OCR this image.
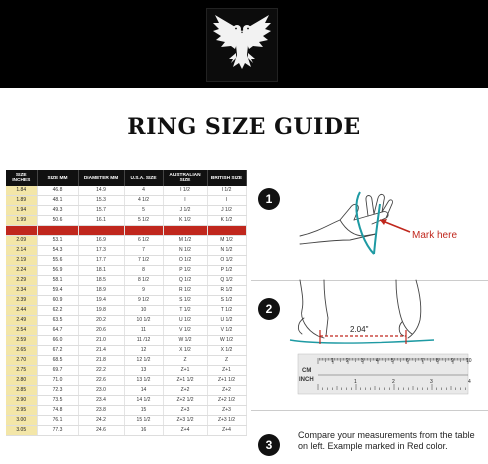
RING SIZE GUIDE
SIZE INCHES	SIZE MM	DIAMETER MM	U.S.A. SIZE	AUSTRALIAN SIZE	BRITISH SIZE
1.84	46.8	14.9	4	I 1/2	I 1/2
1.89	48.1	15.3	4 1/2	I	I
1.94	49.3	15.7	5	J 1/2	J 1/2
1.99	50.6	16.1	5 1/2	K 1/2	K 1/2
2.04	51.9	16.5	6	L 1/2	L 1/2
2.09	53.1	16.9	6 1/2	M 1/2	M 1/2
2.14	54.3	17.3	7	N 1/2	N 1/2
2.19	55.6	17.7	7 1/2	O 1/2	O 1/2
2.24	56.9	18.1	8	P 1/2	P 1/2
2.29	58.1	18.5	8 1/2	Q 1/2	Q 1/2
2.34	59.4	18.9	9	R 1/2	R 1/2
2.39	60.9	19.4	9 1/2	S 1/2	S 1/2
2.44	62.2	19.8	10	T 1/2	T 1/2
2.49	63.5	20.2	10 1/2	U 1/2	U 1/2
2.54	64.7	20.6	11	V 1/2	V 1/2
2.59	66.0	21.0	11 /12	W 1/2	W 1/2
2.65	67.2	21.4	12	X 1/2	X 1/2
2.70	68.5	21.8	12 1/2	Z	Z
2.75	69.7	22.2	13	Z+1	Z+1
2.80	71.0	22.6	13 1/2	Z+1 1/2	Z+1 1/2
2.85	72.3	23.0	14	Z+2	Z+2
2.90	73.5	23.4	14 1/2	Z+2 1/2	Z+2 1/2
2.95	74.8	23.8	15	Z+3	Z+3
3.00	76.1	24.2	15 1/2	Z+3 1/2	Z+3 1/2
3.05	77.3	24.6	16	Z+4	Z+4
1
Mark here
2
2.04"
CM
INCH
1 2 3 4 5 6 7 8 9 10
1	2	3	4
3
Compare your measurements from the table on left. Example marked in Red color.
